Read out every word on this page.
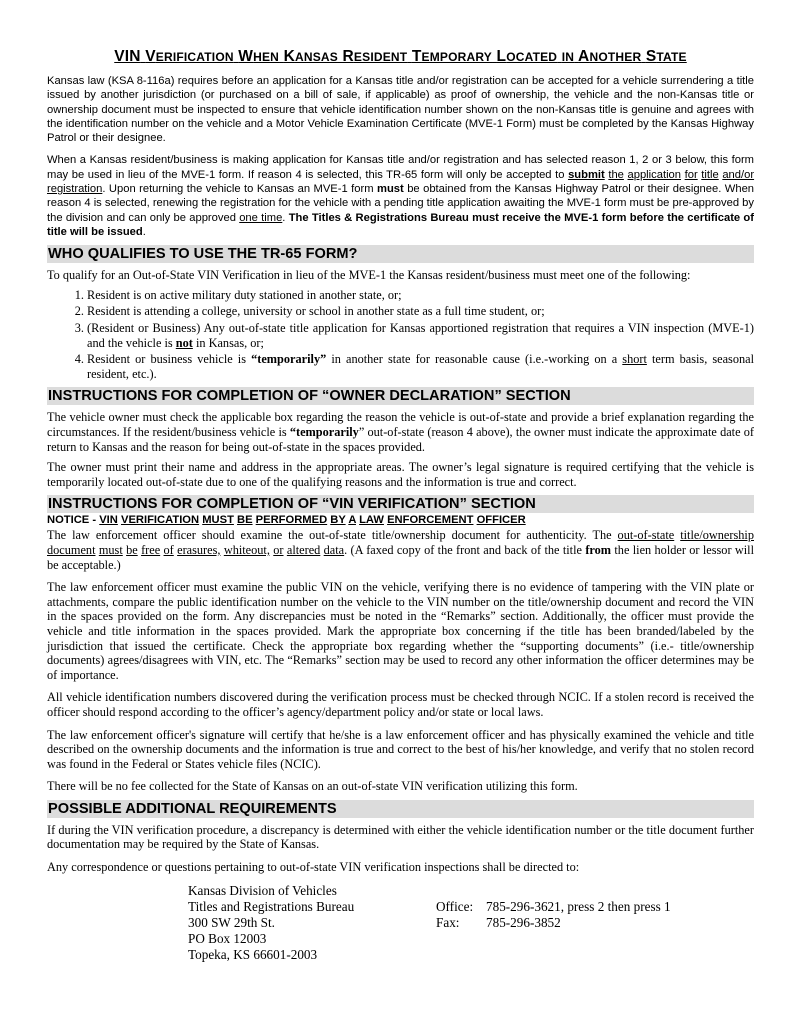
VIN VERIFICATION WHEN KANSAS RESIDENT TEMPORARY LOCATED IN ANOTHER STATE

Kansas law (KSA 8-116a) requires before an application for a Kansas title and/or registration can be accepted for a vehicle surrendering a title issued by another jurisdiction (or purchased on a bill of sale, if applicable) as proof of ownership, the vehicle and the non-Kansas title or ownership document must be inspected to ensure that vehicle identification number shown on the non-Kansas title is genuine and agrees with the identification number on the vehicle and a Motor Vehicle Examination Certificate (MVE-1 Form) must be completed by the Kansas Highway Patrol or their designee.

When a Kansas resident/business is making application for Kansas title and/or registration and has selected reason 1, 2 or 3 below, this form may be used in lieu of the MVE-1 form. If reason 4 is selected, this TR-65 form will only be accepted to submit the application for title and/or registration. Upon returning the vehicle to Kansas an MVE-1 form must be obtained from the Kansas Highway Patrol or their designee. When reason 4 is selected, renewing the registration for the vehicle with a pending title application awaiting the MVE-1 form must be pre-approved by the division and can only be approved one time. The Titles & Registrations Bureau must receive the MVE-1 form before the certificate of title will be issued.

WHO QUALIFIES TO USE THE TR-65 FORM?

To qualify for an Out-of-State VIN Verification in lieu of the MVE-1 the Kansas resident/business must meet one of the following:

1. Resident is on active military duty stationed in another state, or;
2. Resident is attending a college, university or school in another state as a full time student, or;
3. (Resident or Business) Any out-of-state title application for Kansas apportioned registration that requires a VIN inspection (MVE-1) and the vehicle is not in Kansas, or;
4. Resident or business vehicle is “temporarily” in another state for reasonable cause (i.e.-working on a short term basis, seasonal resident, etc.).
INSTRUCTIONS FOR COMPLETION OF “OWNER DECLARATION” SECTION

The vehicle owner must check the applicable box regarding the reason the vehicle is out-of-state and provide a brief explanation regarding the circumstances. If the resident/business vehicle is “temporarily” out-of-state (reason 4 above), the owner must indicate the approximate date of return to Kansas and the reason for being out-of-state in the spaces provided.

The owner must print their name and address in the appropriate areas. The owner’s legal signature is required certifying that the vehicle is temporarily located out-of-state due to one of the qualifying reasons and the information is true and correct.

INSTRUCTIONS FOR COMPLETION OF “VIN VERIFICATION” SECTION
NOTICE - VIN VERIFICATION MUST BE PERFORMED BY A LAW ENFORCEMENT OFFICER

The law enforcement officer should examine the out-of-state title/ownership document for authenticity. The out-of-state title/ownership document must be free of erasures, whiteout, or altered data. (A faxed copy of the front and back of the title from the lien holder or lessor will be acceptable.)

The law enforcement officer must examine the public VIN on the vehicle, verifying there is no evidence of tampering with the VIN plate or attachments, compare the public identification number on the vehicle to the VIN number on the title/ownership document and record the VIN in the spaces provided on the form. Any discrepancies must be noted in the “Remarks” section. Additionally, the officer must provide the vehicle and title information in the spaces provided. Mark the appropriate box concerning if the title has been branded/labeled by the jurisdiction that issued the certificate. Check the appropriate box regarding whether the “supporting documents” (i.e.- title/ownership documents) agrees/disagrees with VIN, etc. The “Remarks” section may be used to record any other information the officer determines may be of importance.

All vehicle identification numbers discovered during the verification process must be checked through NCIC. If a stolen record is received the officer should respond according to the officer’s agency/department policy and/or state or local laws.

The law enforcement officer's signature will certify that he/she is a law enforcement officer and has physically examined the vehicle and title described on the ownership documents and the information is true and correct to the best of his/her knowledge, and verify that no stolen record was found in the Federal or States vehicle files (NCIC).

There will be no fee collected for the State of Kansas on an out-of-state VIN verification utilizing this form.

POSSIBLE ADDITIONAL REQUIREMENTS

If during the VIN verification procedure, a discrepancy is determined with either the vehicle identification number or the title document further documentation may be required by the State of Kansas.

Any correspondence or questions pertaining to out-of-state VIN verification inspections shall be directed to:

Kansas Division of Vehicles
Titles and Registrations Bureau
300 SW 29th St.
PO Box 12003
Topeka, KS 66601-2003
Office: 785-296-3621, press 2 then press 1
Fax: 785-296-3852
